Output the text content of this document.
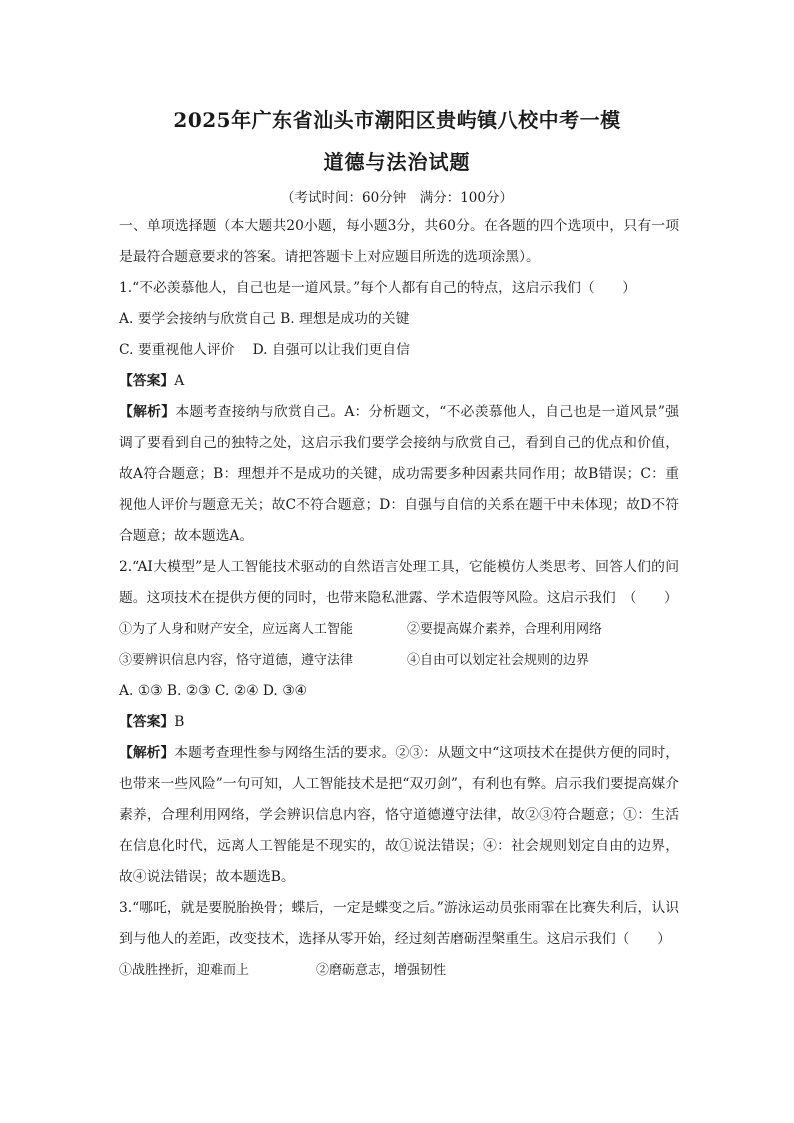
2025年广东省汕头市潮阳区贵屿镇八校中考一模
道德与法治试题
（考试时间：60分钟　满分：100分）

一、单项选择题（本大题共20小题，每小题3分，共60分。在各题的四个选项中，只有一项是最符合题意要求的答案。请把答题卡上对应题目所选的选项涂黑）。

1.“不必羡慕他人，自己也是一道风景。”每个人都有自己的特点，这启示我们（　　）

A. 要学会接纳与欣赏自己 B. 理想是成功的关键

C. 要重视他人评价　 D. 自强可以让我们更自信

【答案】A

【解析】本题考查接纳与欣赏自己。A：分析题文，“不必羡慕他人，自己也是一道风景”强调了要看到自己的独特之处，这启示我们要学会接纳与欣赏自己，看到自己的优点和价值，故A符合题意；B：理想并不是成功的关键，成功需要多种因素共同作用；故B错误；C：重视他人评价与题意无关；故C不符合题意；D：自强与自信的关系在题干中未体现；故D不符合题意；故本题选A。

2.“AI大模型”是人工智能技术驱动的自然语言处理工具，它能模仿人类思考、回答人们的问题。这项技术在提供方便的同时，也带来隐私泄露、学术造假等风险。这启示我们　（　　）

①为了人身和财产安全，应远离人工智能	②要提高媒介素养，合理利用网络
③要辨识信息内容，恪守道德，遵守法律	④自由可以划定社会规则的边界

A. ①③ B. ②③ C. ②④ D. ③④

【答案】B

【解析】本题考查理性参与网络生活的要求。②③：从题文中“这项技术在提供方便的同时，也带来一些风险”一句可知，人工智能技术是把“双刃剑”，有利也有弊。启示我们要提高媒介素养，合理利用网络，学会辨识信息内容，恪守道德遵守法律，故②③符合题意；①：生活在信息化时代，远离人工智能是不现实的，故①说法错误；④：社会规则划定自由的边界，故④说法错误；故本题选B。

3.“哪吒，就是要脱胎换骨；蝶后，一定是蝶变之后。”游泳运动员张雨霏在比赛失利后，认识到与他人的差距，改变技术，选择从零开始，经过刻苦磨砺涅槃重生。这启示我们（　　）

①战胜挫折，迎难而上	②磨砺意志，增强韧性
